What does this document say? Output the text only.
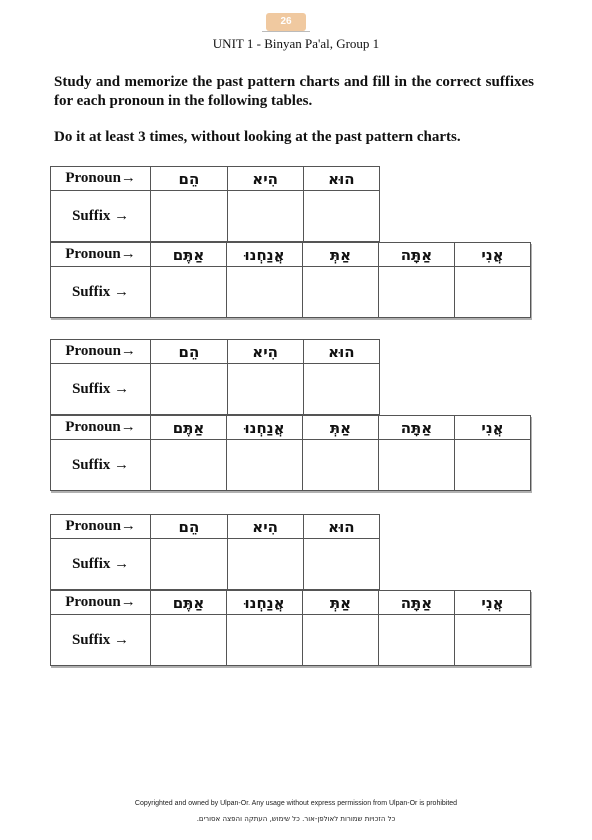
26
UNIT 1 - Binyan Pa'al, Group 1
Study and memorize the past pattern charts and fill in the correct suffixes for each pronoun in the following tables.
Do it at least 3 times, without looking at the past pattern charts.
Pronoun→	הֵם	הִיא	הוּא
Suffix →			
Pronoun→	אַתֶּם	אֲנַחְנוּ	אַתְּ	אַתָּה	אֲנִי
Suffix →					
Pronoun→	הֵם	הִיא	הוּא
Suffix →			
Pronoun→	אַתֶּם	אֲנַחְנוּ	אַתְּ	אַתָּה	אֲנִי
Suffix →					
Pronoun→	הֵם	הִיא	הוּא
Suffix →			
Pronoun→	אַתֶּם	אֲנַחְנוּ	אַתְּ	אַתָּה	אֲנִי
Suffix →					
Copyrighted and owned by Ulpan-Or. Any usage without express permission from Ulpan-Or is prohibited
כל הזכויות שמורות לאולפן-אור. כל שימוש, העתקה והפצה אסורים.
